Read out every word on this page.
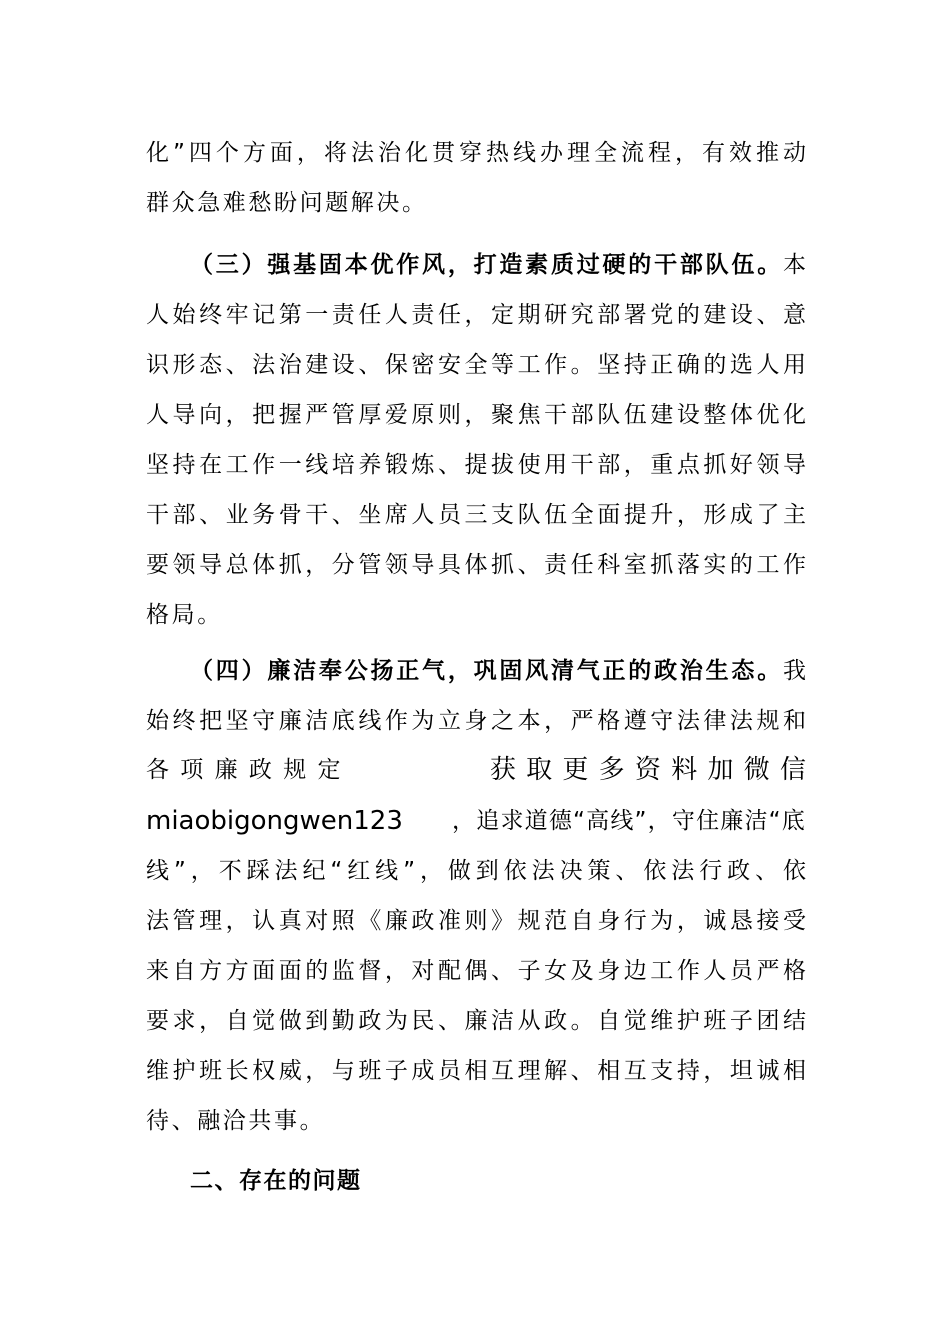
化”四个方面，将法治化贯穿热线办理全流程，有效推动
群众急难愁盼问题解决。
（三）强基固本优作风，打造素质过硬的干部队伍。本
人始终牢记第一责任人责任，定期研究部署党的建设、意
识形态、法治建设、保密安全等工作。坚持正确的选人用
人导向，把握严管厚爱原则，聚焦干部队伍建设整体优化
坚持在工作一线培养锻炼、提拔使用干部，重点抓好领导
干部、业务骨干、坐席人员三支队伍全面提升，形成了主
要领导总体抓，分管领导具体抓、责任科室抓落实的工作
格局。
（四）廉洁奉公扬正气，巩固风清气正的政治生态。我
始终把坚守廉洁底线作为立身之本，严格遵守法律法规和
各 项 廉 政 规 定	获 取 更 多 资 料 加 微 信
miaobigongwen123 ，追求道德“高线”，守住廉洁“底
线”，不踩法纪“红线”，做到依法决策、依法行政、依
法管理，认真对照《廉政准则》规范自身行为，诚恳接受
来自方方面面的监督，对配偶、子女及身边工作人员严格
要求，自觉做到勤政为民、廉洁从政。自觉维护班子团结
维护班长权威，与班子成员相互理解、相互支持，坦诚相
待、融洽共事。
二、存在的问题
